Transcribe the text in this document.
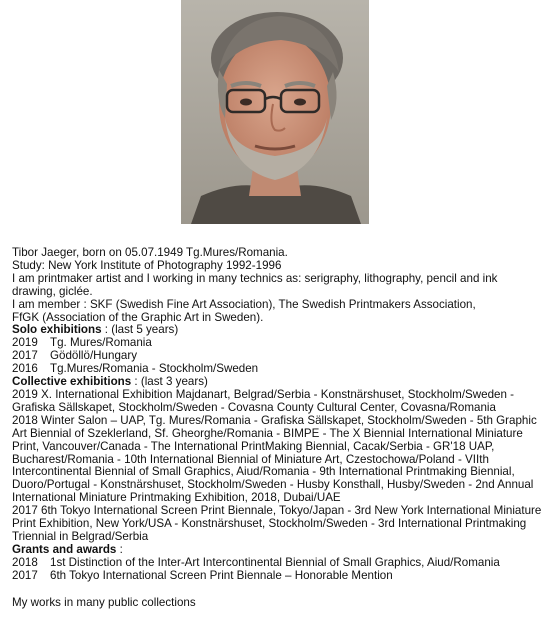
Tibor Jaeger, born on 05.07.1949 Tg.Mures/Romania.

Study: New York Institute of Photography 1992-1996

I am printmaker artist and I working in many technics as: serigraphy, lithography, pencil and ink drawing, giclée.

I am member : SKF (Swedish Fine Art Association), The Swedish Printmakers Association,

FfGK (Association of the Graphic Art in Sweden).

Solo exhibitions : (last 5 years)

2019 Tg. Mures/Romania

2017 Gödöllö/Hungary

2016 Tg.Mures/Romania - Stockholm/Sweden

Collective exhibitions : (last 3 years)

2019 X. International Exhibition Majdanart, Belgrad/Serbia - Konstnärshuset, Stockholm/Sweden - Grafiska Sällskapet, Stockholm/Sweden - Covasna County Cultural Center, Covasna/Romania

2018 Winter Salon – UAP, Tg. Mures/Romania - Grafiska Sällskapet, Stockholm/Sweden - 5th Graphic Art Biennial of Szeklerland, Sf. Gheorghe/Romania - BIMPE - The X Biennial International Miniature Print, Vancouver/Canada - The International PrintMaking Biennial, Cacak/Serbia - GR'18 UAP, Bucharest/Romania - 10th International Biennial of Miniature Art, Czestochowa/Poland - VIIth Intercontinental Biennial of Small Graphics, Aiud/Romania - 9th International Printmaking Biennial, Duoro/Portugal - Konstnärshuset, Stockholm/Sweden - Husby Konsthall, Husby/Sweden - 2nd Annual International Miniature Printmaking Exhibition, 2018, Dubai/UAE

2017 6th Tokyo International Screen Print Biennale, Tokyo/Japan - 3rd New York International Miniature Print Exhibition, New York/USA - Konstnärshuset, Stockholm/Sweden - 3rd International Printmaking Triennial in Belgrad/Serbia

Grants and awards :

2018 1st Distinction of the Inter-Art Intercontinental Biennial of Small Graphics, Aiud/Romania

2017 6th Tokyo International Screen Print Biennale – Honorable Mention

My works in many public collections
